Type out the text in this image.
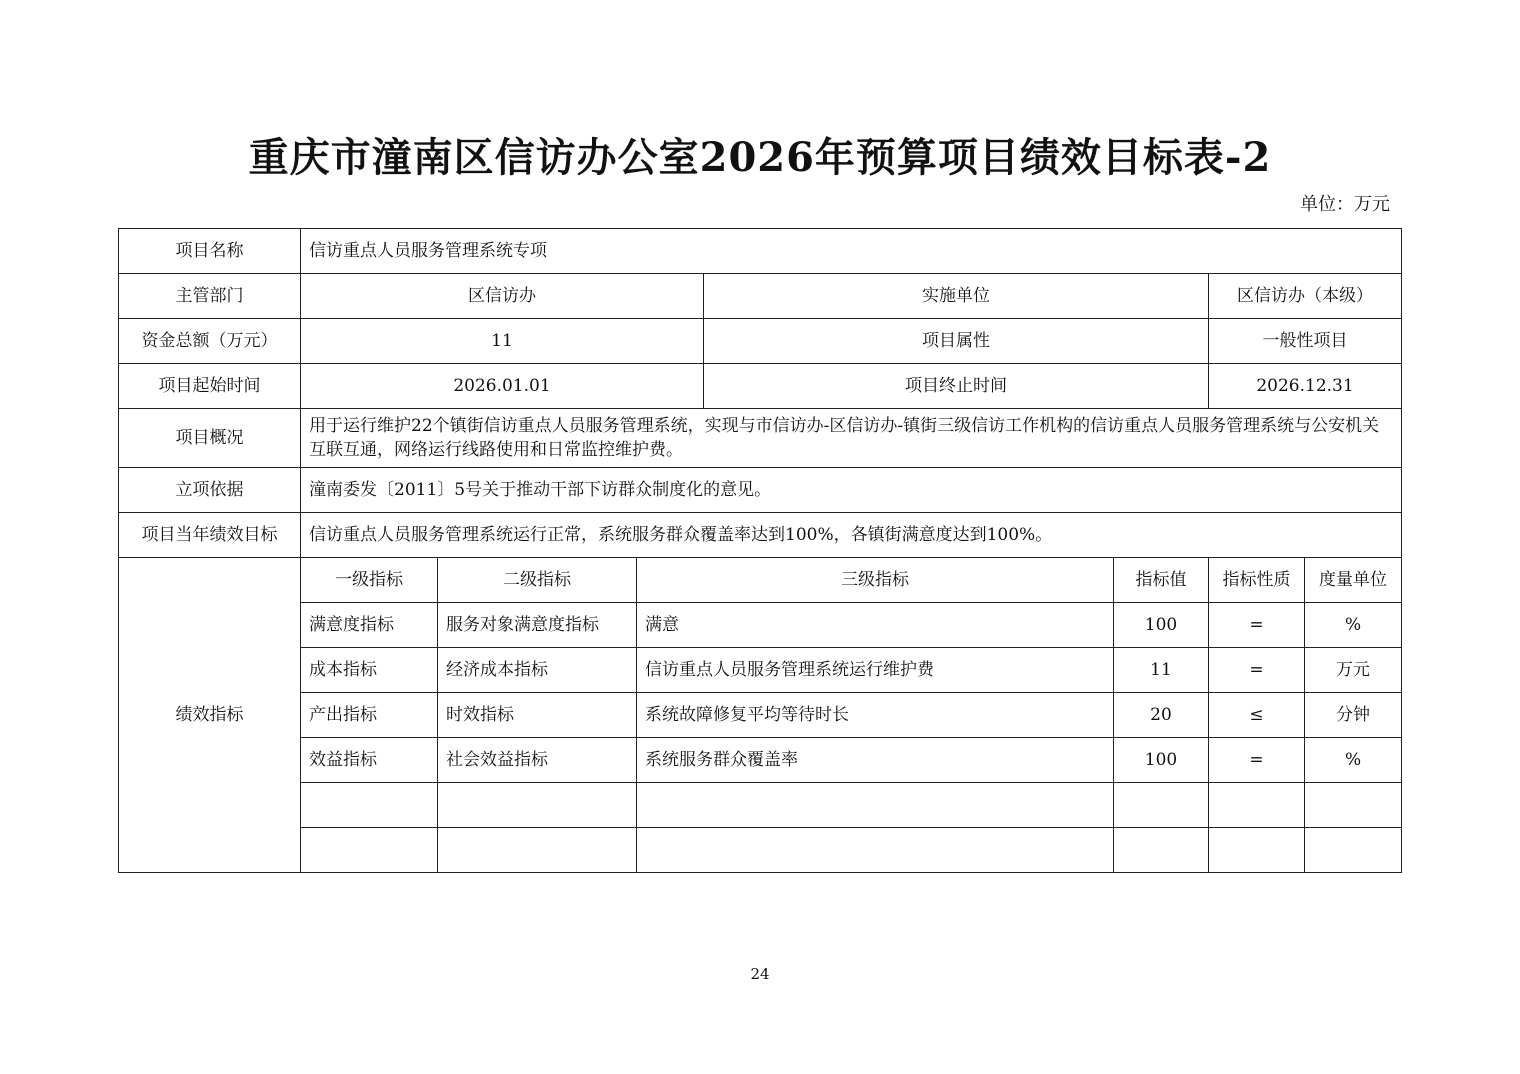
重庆市潼南区信访办公室2026年预算项目绩效目标表-2
单位：万元
项目名称	信访重点人员服务管理系统专项						
主管部门	区信访办			实施单位		区信访办（本级）	
资金总额（万元）	11			项目属性		一般性项目	
项目起始时间	2026.01.01			项目终止时间		2026.12.31	
项目概况	用于运行维护22个镇街信访重点人员服务管理系统，实现与市信访办-区信访办-镇街三级信访工作机构的信访重点人员服务管理系统与公安机关互联互通，网络运行线路使用和日常监控维护费。						
立项依据	潼南委发〔2011〕5号关于推动干部下访群众制度化的意见。						
项目当年绩效目标	信访重点人员服务管理系统运行正常，系统服务群众覆盖率达到100%，各镇街满意度达到100%。						
绩效指标	一级指标	二级指标	三级指标		指标值	指标性质	度量单位
	满意度指标	服务对象满意度指标	满意		100	=	%
	成本指标	经济成本指标	信访重点人员服务管理系统运行维护费		11	=	万元
	产出指标	时效指标	系统故障修复平均等待时长		20	≤	分钟
	效益指标	社会效益指标	系统服务群众覆盖率		100	=	%

24
